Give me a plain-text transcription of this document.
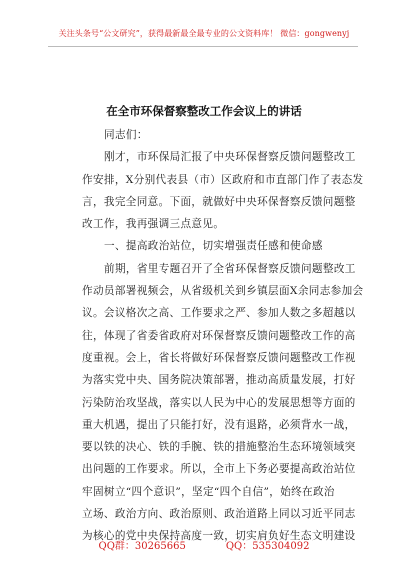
关注头条号“公文研究”，获得最新最全最专业的公文资料库！ 微信：gongwenyj
在全市环保督察整改工作会议上的讲话
同志们：
刚才，市环保局汇报了中央环保督察反馈问题整改工
作安排，X分别代表县（市）区政府和市直部门作了表态发
言，我完全同意。下面，就做好中央环保督察反馈问题整
改工作，我再强调三点意见。
一、提高政治站位，切实增强责任感和使命感
前期，省里专题召开了全省环保督察反馈问题整改工
作动员部署视频会，从省级机关到乡镇层面X余同志参加会
议。会议格次之高、工作要求之严、参加人数之多超越以
往，体现了省委省政府对环保督察反馈问题整改工作的高
度重视。会上，省长将做好环保督察反馈问题整改工作视
为落实党中央、国务院决策部署，推动高质量发展，打好
污染防治攻坚战，落实以人民为中心的发展思想等方面的
重大机遇，提出了只能打好，没有退路，必须背水一战，
要以铁的决心、铁的手腕、铁的措施整治生态环境领域突
出问题的工作要求。所以，全市上下务必要提高政治站位
牢固树立“四个意识”，坚定“四个自信”，始终在政治
立场、政治方向、政治原则、政治道路上同以习近平同志
为核心的党中央保持高度一致，切实肩负好生态文明建设
QQ群：30265665	QQ：535304092
